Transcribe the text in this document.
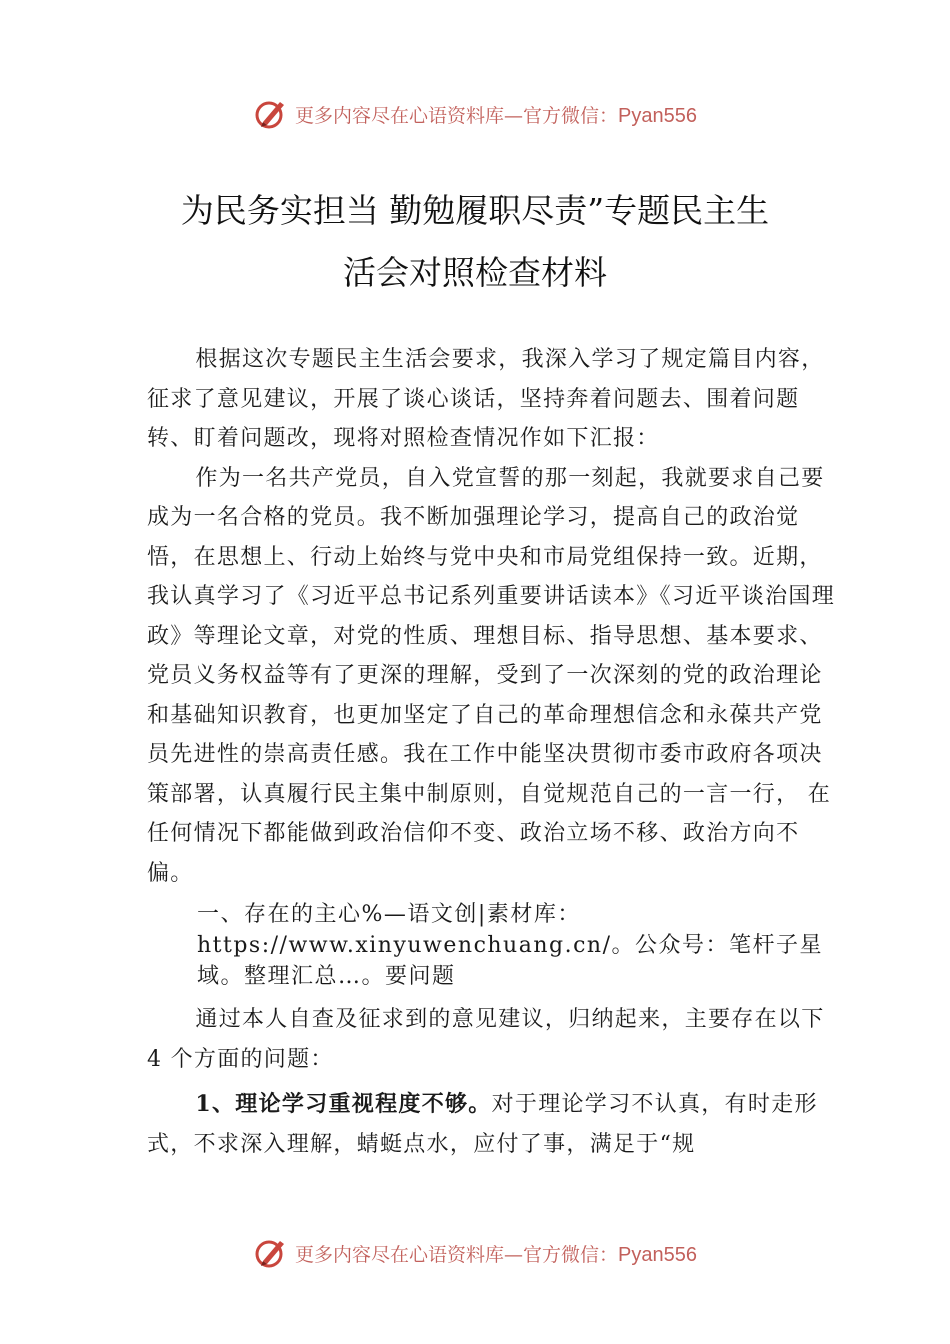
更多内容尽在心语资料库—官方微信：Pyan556
为民务实担当 勤勉履职尽责”专题民主生
活会对照检查材料

根据这次专题民主生活会要求，我深入学习了规定篇目内容，征求了意见建议，开展了谈心谈话，坚持奔着问题去、围着问题转、盯着问题改，现将对照检查情况作如下汇报：

作为一名共产党员，自入党宣誓的那一刻起，我就要求自己要成为一名合格的党员。我不断加强理论学习，提高自己的政治觉悟，在思想上、行动上始终与党中央和市局党组保持一致。近期，我认真学习了《习近平总书记系列重要讲话读本》《习近平谈治国理政》等理论文章，对党的性质、理想目标、指导思想、基本要求、党员义务权益等有了更深的理解，受到了一次深刻的党的政治理论和基础知识教育，也更加坚定了自己的革命理想信念和永葆共产党员先进性的崇高责任感。我在工作中能坚决贯彻市委市政府各项决策部署，认真履行民主集中制原则，自觉规范自己的一言一行， 在任何情况下都能做到政治信仰不变、政治立场不移、政治方向不偏。

一、存在的主心%—语文创|素材库：https://www.xinyuwenchuang.cn/。公众号：笔杆子星域。整理汇总…。要问题

通过本人自查及征求到的意见建议，归纳起来，主要存在以下 4 个方面的问题：

1、理论学习重视程度不够。对于理论学习不认真，有时走形式，不求深入理解，蜻蜓点水，应付了事，满足于“规

更多内容尽在心语资料库—官方微信：Pyan556
